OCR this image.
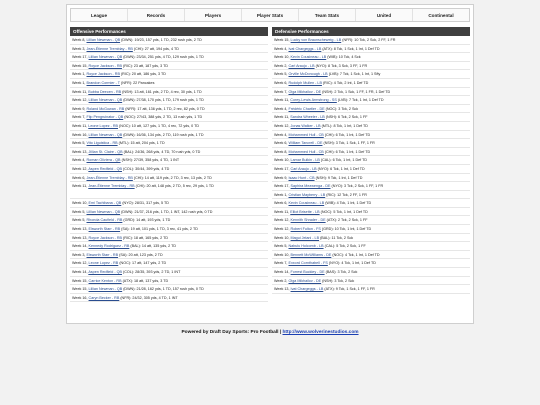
League	Records	Players	Player Stats	Team Stats	United	Continental
Offensive Performances
Week 8, Lillian Newman - QB (DWN): 19/23, 157 yds, 1 TD, 232 rush yds, 2 TD
Week 3, Jean-Étienne Tremblay - RB (CHI): 27 att, 194 yds, 4 TD
Week 17, Lillian Newman - QB (DWN): 23/34, 251 yds, 4 TD, 129 rush yds, 1 TD
Week 15, Royce Jackson - RB (RIC): 23 att, 187 yds, 3 TD
Week 1, Royce Jackson - RB (RIC): 20 att, 186 yds, 3 TD
Week 1, Brandon Cormier - T (NFR): 22 Pancakes
Week 11, Bubba Deecen - RB (NSH): 13 att, 161 yds, 2 TD, 4 rec, 30 yds, 1 TD
Week 12, Lillian Newman - QB (DWN): 27/38, 170 yds, 1 TD, 179 rush yds, 1 TD
Week 9, Roland McGowan - RB (NFR): 17 att, 136 yds, 1 TD, 2 rec, 82 yds, 0 TD
Week 7, Flip Pengruinator - QB (NOC): 27/43, 388 yds, 2 TD, 13 rush yds, 1 TD
Week 11, Leone Lopez - RB (NOC): 10 att, 127 yds, 1 TD, 4 rec, 72 yds, 0 TD
Week 16, Lillian Newman - QB (DWN): 16/36, 134 yds, 2 TD, 119 rush yds, 1 TD
Week 5, Vito Liguistica - RB (MTL): 15 att, 204 yds, 1 TD
Week 13, Jillian St. Claire - QB (BAL): 24/36, 268 yds, 4 TD, 70 rush yds, 0 TD
Week 4, Roman Oliviera - QB (NSH): 27/39, 358 yds, 4 TD, 1 INT
Week 12, Aspen Redfield - QB (COL): 30/44, 399 yds, 4 TD
Week 6, Jean-Étienne Tremblay - RB (CHI): 14 att, 119 yds, 2 TD, 3 rec, 13 yds, 2 TD
Week 11, Jean-Étienne Tremblay - RB (CHI): 20 att, 148 yds, 2 TD, 5 rec, 29 yds, 1 TD
Week 10, Emi Tachibana - QB (NYO): 28/31, 317 yds, 5 TD
Week 5, Lillian Newman - QB (DWN): 21/37, 216 yds, 1 TD, 1 INT, 142 rush yds, 0 TD
Week 5, Rhonda Caufield - RB (GRD): 14 att, 193 yds, 1 TD
Week 13, Elsworth Starr - RB (SA): 19 att, 101 yds, 1 TD, 3 rec, 41 yds, 2 TD
Week 13, Royce Jackson - RB (RIC): 18 att, 165 yds, 2 TD
Week 14, Kennedy Rodriguez - RB (BAL): 14 att, 135 yds, 2 TD
Week 3, Elsworth Starr - RB (SA): 20 att, 123 yds, 2 TD
Week 12, Leone Lopez - RB (NOC): 17 att, 147 yds, 2 TD
Week 14, Aspen Redfield - QB (COL): 28/35, 393 yds, 2 TD, 1 INT
Week 15, Carrice Kenton - RB (ATX): 18 att, 137 yds, 3 TD
Week 15, Lillian Newman - QB (DWN): 21/28, 162 yds, 1 TD, 157 rush yds, 0 TD
Week 16, Caryn Becker - RB (NFR): 24/32, 305 yds, 4 TD, 1 INT
Defensive Performances
Week 15, Lucky von Braunscheweig - LB (NFR): 10 Tck, 2 Sck, 2 FF, 1 FR
Week 4, Ivat Chargeggs - LB (ATX): 8 Tck, 1 Sck, 1 Int, 1 Def TD
Week 10, Kevin Cousineau - LB (WIB): 10 Tck, 4 Sck
Week 2, Carl Araujo - LB (NYO): 8 Tck, 3 Sck, 3 FF, 1 FR
Week 5, Orville McDonough - LB (LVB): 7 Tck, 1 Sck, 1 Int, 1 Sfty
Week 6, Rudolph Mullen - LB (RIC): 4 Tck, 2 Int, 1 Def TD
Week 7, Olga Mikhailov - DE (NSH): 2 Tck, 1 Sck, 1 FF, 1 FR, 1 Def TD
Week 11, Corey-Lewis Armstrong - SS (LVB): 7 Tck, 1 Int, 1 Def TD
Week 4, Frédéric Chartier - DE (NOC): 3 Tck, 2 Sck
Week 11, Sandra Wheeler - LB (NSH): 6 Tck, 2 Sck, 1 FF
Week 12, Jonas Walker - LB (MTL): 8 Tck, 1 Int, 1 Def TD
Week 4, Mohammed Hull - CB (CHI): 6 Tck, 1 Int, 1 Def TD
Week 6, William Tancrell - DE (NSH): 3 Tck, 1 Sck, 1 FF, 1 FR
Week 8, Mohammed Hull - CB (CHI): 6 Tck, 1 Int, 1 Def TD
Week 10, Lamar Bulkin - LB (CAL): 6 Tck, 1 Int, 1 Def TD
Week 17, Carl Araujo - LB (NYO): 6 Tck, 1 Int, 1 Def TD
Week 9, Isaac Hunt - CB (NSH): 9 Tck, 1 Int, 1 Def TD
Week 17, Saphira Mezwenga - DE (NYO): 3 Tck, 2 Sck, 1 FF, 1 FR
Week 1, Cristian Mayberry - LB (RIC): 12 Tck, 2 FF, 1 FR
Week 6, Kevin Cousineau - LB (WIB): 4 Tck, 1 Int, 1 Def TD
Week 11, Elliot Brisette - LB (NOC): 5 Tck, 1 Int, 1 Def TD
Week 12, Kennith Shrader - DE (ATX): 2 Tck, 2 Sck, 1 FF
Week 12, Robert Fulton - FS (GRD): 10 Tck, 1 Int, 1 Def TD
Week 10, Magui Jelani - LB (BAL): 11 Tck, 2 Sck
Week 5, Nabulu Holcomb - LB (CAL): 5 Tck, 2 Sck, 1 FF
Week 10, Bennett McWilliams - DE (NOC): 4 Tck, 1 Int, 1 Def TD
Week 7, Exxord Cornthabell - FS (NYO): 4 Tck, 1 Int, 1 Def TD
Week 14, Forrest Buckley - DE (BAS): 3 Tck, 2 Sck
Week 2, Olga Mikhailov - DE (NSH): 3 Tck, 2 Sck
Week 13, Ivat Chargeggs - LB (ATX): 9 Tck, 1 Sck, 1 FF, 1 FR
Powered by Draft Day Sports: Pro Football | http://www.wolverinestudios.com
